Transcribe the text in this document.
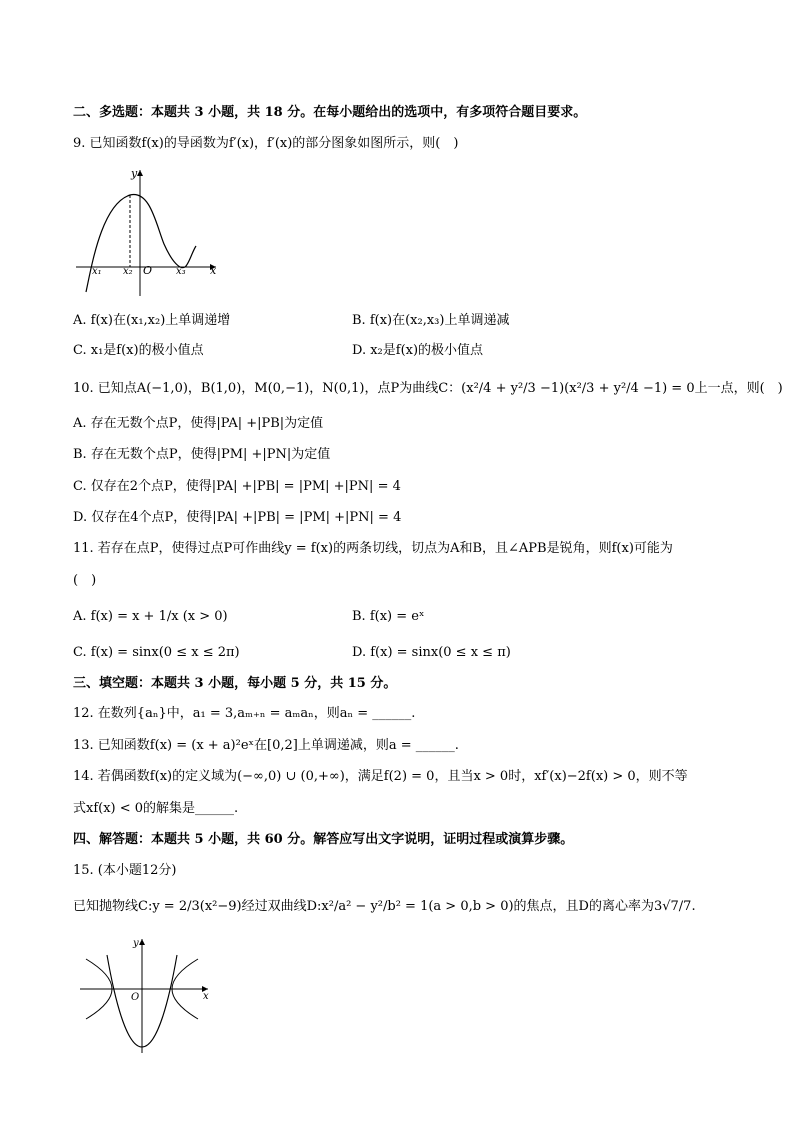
二、多选题：本题共 3 小题，共 18 分。在每小题给出的选项中，有多项符合题目要求。
9. 已知函数f(x)的导函数为f′(x)，f′(x)的部分图象如图所示，则(　)
y
x
O
x₁ x₂	x₃
A. f(x)在(x₁,x₂)上单调递增	B. f(x)在(x₂,x₃)上单调递减
C. x₁是f(x)的极小值点	D. x₂是f(x)的极小值点
10. 已知点A(−1,0)，B(1,0)，M(0,−1)，N(0,1)，点P为曲线C：(x²/4 + y²/3 −1)(x²/3 + y²/4 −1) = 0上一点，则(　)
A. 存在无数个点P，使得|PA| +|PB|为定值
B. 存在无数个点P，使得|PM| +|PN|为定值
C. 仅存在2个点P，使得|PA| +|PB| = |PM| +|PN| = 4
D. 仅存在4个点P，使得|PA| +|PB| = |PM| +|PN| = 4
11. 若存在点P，使得过点P可作曲线y = f(x)的两条切线，切点为A和B，且∠APB是锐角，则f(x)可能为
(　)
A. f(x) = x + 1/x (x > 0)	B. f(x) = eˣ
C. f(x) = sinx(0 ≤ x ≤ 2π)	D. f(x) = sinx(0 ≤ x ≤ π)
三、填空题：本题共 3 小题，每小题 5 分，共 15 分。
12. 在数列{aₙ}中，a₁ = 3,aₘ₊ₙ = aₘaₙ，则aₙ = ______.
13. 已知函数f(x) = (x + a)²eˣ在[0,2]上单调递减，则a = ______.
14. 若偶函数f(x)的定义域为(−∞,0) ∪ (0,+∞)，满足f(2) = 0，且当x > 0时，xf′(x)−2f(x) > 0，则不等
式xf(x) < 0的解集是______.
四、解答题：本题共 5 小题，共 60 分。解答应写出文字说明，证明过程或演算步骤。
15. (本小题12分)
已知抛物线C:y = 2/3(x²−9)经过双曲线D:x²/a² − y²/b² = 1(a > 0,b > 0)的焦点，且D的离心率为3√7/7.
y
x
O
